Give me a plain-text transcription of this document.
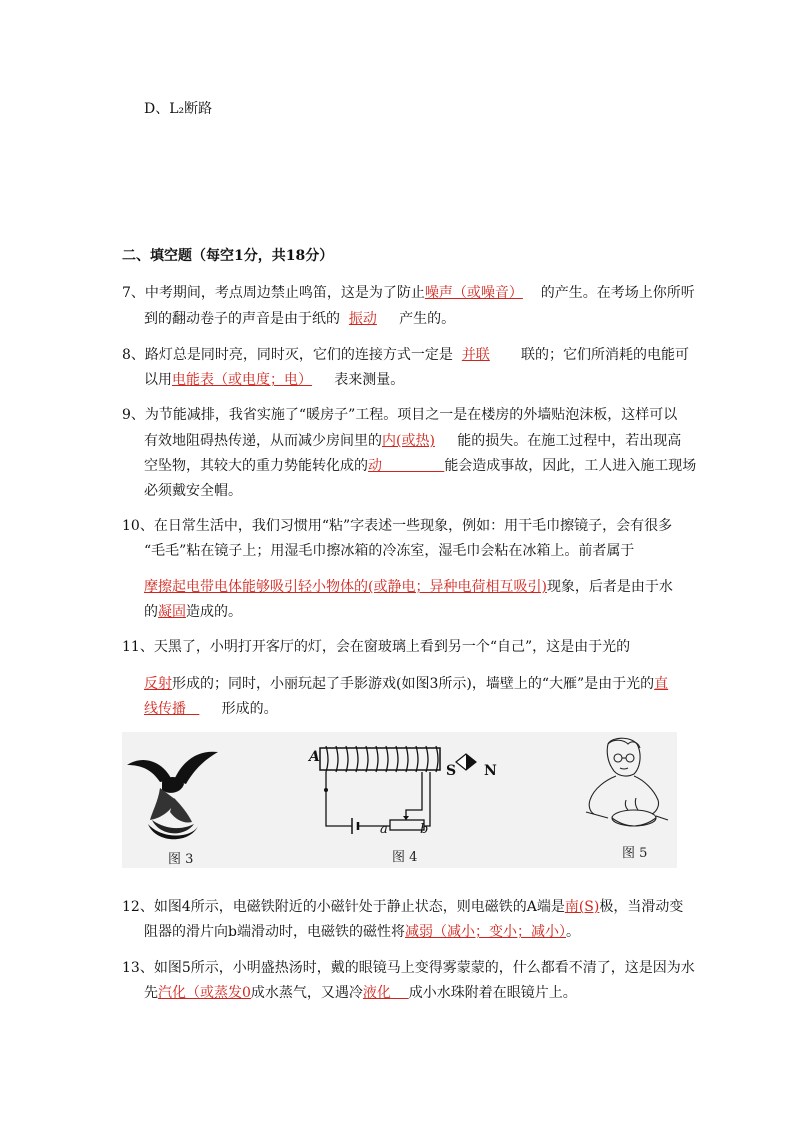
D、L₂断路
二、填空题（每空1分，共18分）
7、中考期间，考点周边禁止鸣笛，这是为了防止噪声（或噪音） 的产生。在考场上你所听
到的翻动卷子的声音是由于纸的 振动 产生的。
8、路灯总是同时亮，同时灭，它们的连接方式一定是 并联 联的；它们所消耗的电能可
以用电能表（或电度；电） 表来测量。
9、为节能减排，我省实施了“暖房子”工程。项目之一是在楼房的外墙贴泡沫板，这样可以
有效地阻碍热传递，从而减少房间里的内(或热) 能的损失。在施工过程中，若出现高
空坠物，其较大的重力势能转化成的动	能会造成事故，因此，工人进入施工现场
必须戴安全帽。
10、在日常生活中，我们习惯用“粘”字表述一些现象，例如：用干毛巾擦镜子，会有很多
“毛毛”粘在镜子上；用湿毛巾擦冰箱的冷冻室，湿毛巾会粘在冰箱上。前者属于
摩擦起电带电体能够吸引轻小物体的(或静电；异种电荷相互吸引)现象，后者是由于水
的凝固造成的。
11、天黑了，小明打开客厅的灯，会在窗玻璃上看到另一个“自己”，这是由于光的
反射形成的；同时，小丽玩起了手影游戏(如图3所示)，墙壁上的“大雁”是由于光的直
线传播	形成的。
图 3
A
S N
a b
图 4	图 5
12、如图4所示，电磁铁附近的小磁针处于静止状态，则电磁铁的A端是南(S)极，当滑动变
阻器的滑片向b端滑动时，电磁铁的磁性将减弱（减小；变小；减小）。
13、如图5所示，小明盛热汤时，戴的眼镜马上变得雾蒙蒙的，什么都看不清了，这是因为水
先汽化（或蒸发0成水蒸气，又遇冷液化 成小水珠附着在眼镜片上。
